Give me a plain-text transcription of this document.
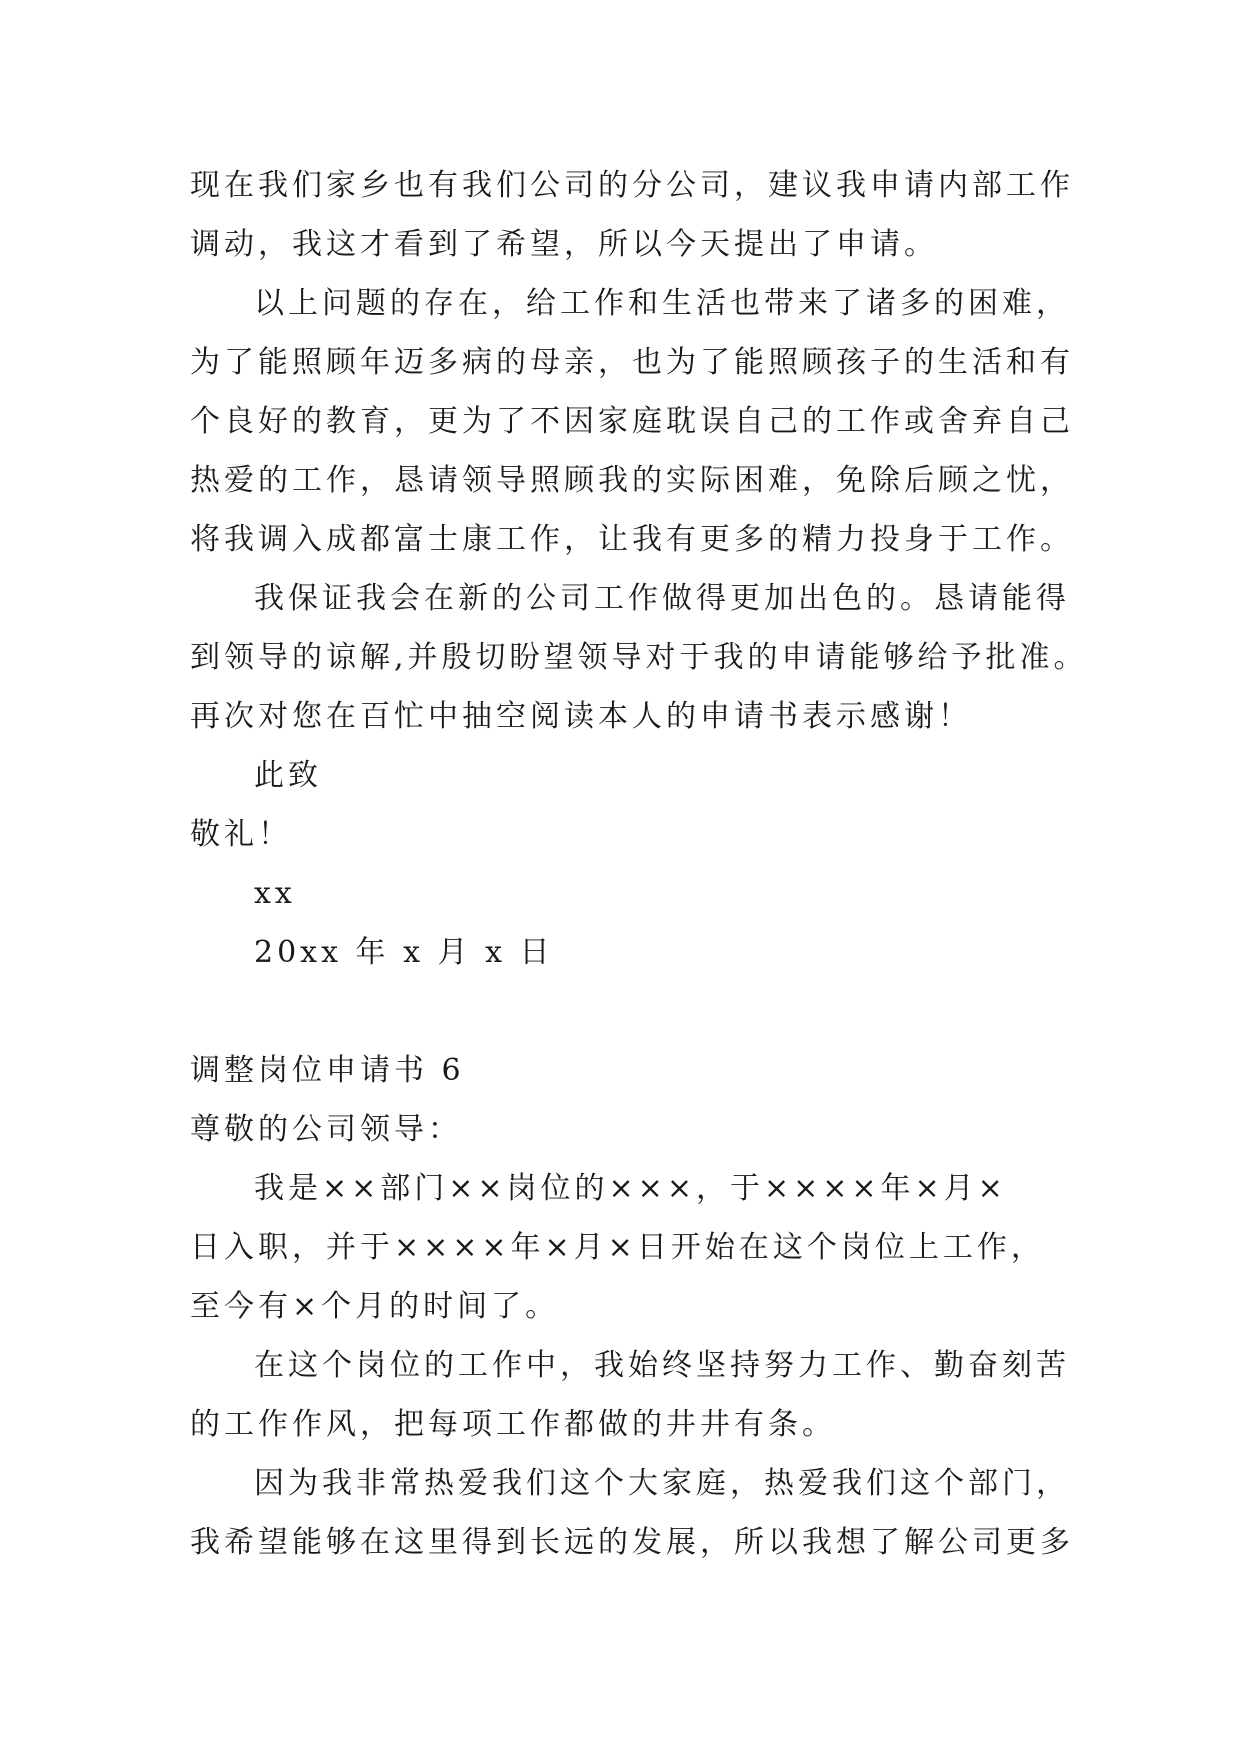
现在我们家乡也有我们公司的分公司，建议我申请内部工作
调动，我这才看到了希望，所以今天提出了申请。
以上问题的存在，给工作和生活也带来了诸多的困难，
为了能照顾年迈多病的母亲，也为了能照顾孩子的生活和有
个良好的教育，更为了不因家庭耽误自己的工作或舍弃自己
热爱的工作，恳请领导照顾我的实际困难，免除后顾之忧，
将我调入成都富士康工作，让我有更多的精力投身于工作。
我保证我会在新的公司工作做得更加出色的。恳请能得
到领导的谅解,并殷切盼望领导对于我的申请能够给予批准。
再次对您在百忙中抽空阅读本人的申请书表示感谢！
此致
敬礼！
xx
20xx 年 x 月 x 日
调整岗位申请书 6
尊敬的公司领导：
我是××部门××岗位的×××，于××××年×月×
日入职，并于××××年×月×日开始在这个岗位上工作，
至今有×个月的时间了。
在这个岗位的工作中，我始终坚持努力工作、勤奋刻苦
的工作作风，把每项工作都做的井井有条。
因为我非常热爱我们这个大家庭，热爱我们这个部门，
我希望能够在这里得到长远的发展，所以我想了解公司更多
